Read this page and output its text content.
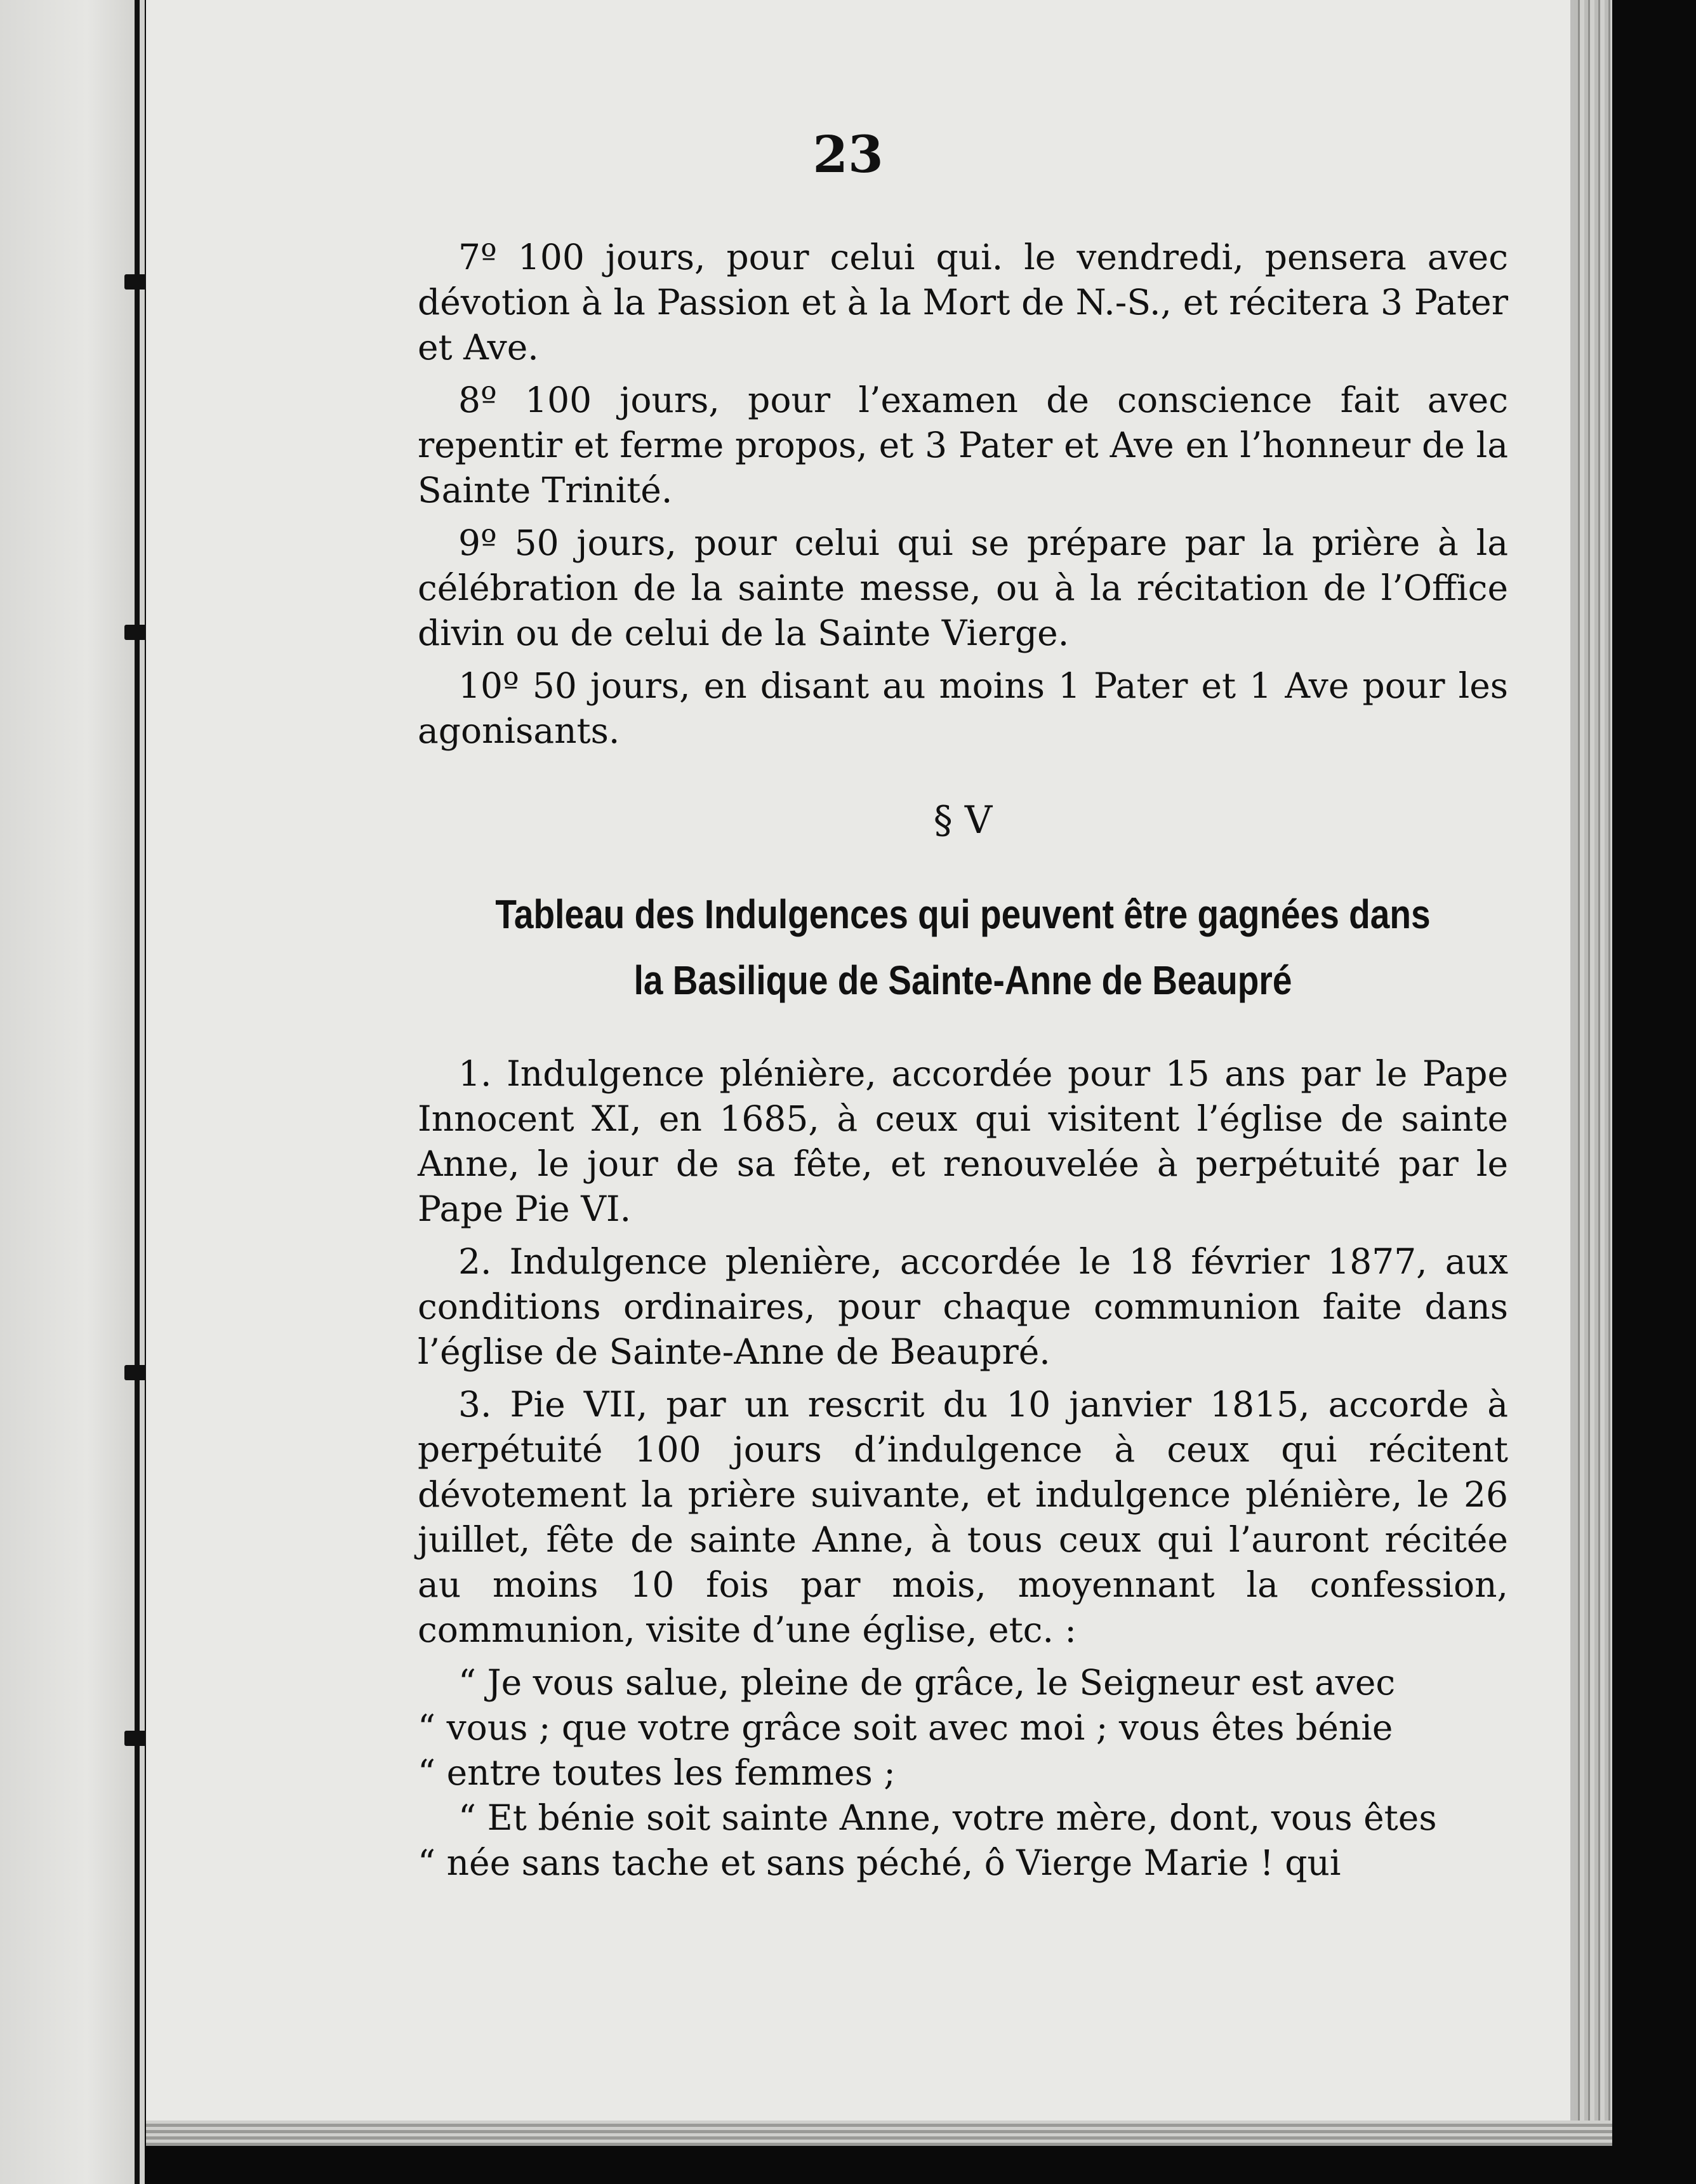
23

7º 100 jours, pour celui qui. le vendredi, pensera avec dévotion à la Passion et à la Mort de N.-S., et récitera 3 Pater et Ave.

8º 100 jours, pour l’examen de conscience fait avec repentir et ferme propos, et 3 Pater et Ave en l’honneur de la Sainte Trinité.

9º 50 jours, pour celui qui se prépare par la prière à la célébration de la sainte messe, ou à la récitation de l’Office divin ou de celui de la Sainte Vierge.

10º 50 jours, en disant au moins 1 Pater et 1 Ave pour les agonisants.

§ V
Tableau des Indulgences qui peuvent être gagnées dans la Basilique de Sainte-Anne de Beaupré

1. Indulgence plénière, accordée pour 15 ans par le Pape Innocent XI, en 1685, à ceux qui visitent l’église de sainte Anne, le jour de sa fête, et renouvelée à perpétuité par le Pape Pie VI.

2. Indulgence plenière, accordée le 18 février 1877, aux conditions ordinaires, pour chaque communion faite dans l’église de Sainte-Anne de Beaupré.

3. Pie VII, par un rescrit du 10 janvier 1815, accorde à perpétuité 100 jours d’indulgence à ceux qui récitent dévotement la prière suivante, et indulgence plénière, le 26 juillet, fête de sainte Anne, à tous ceux qui l’auront récitée au moins 10 fois par mois, moyennant la confession, communion, visite d’une église, etc. :

“ Je vous salue, pleine de grâce, le Seigneur est avec

“ vous ; que votre grâce soit avec moi ; vous êtes bénie

“ entre toutes les femmes ;

“ Et bénie soit sainte Anne, votre mère, dont, vous êtes

“ née sans tache et sans péché, ô Vierge Marie ! qui
